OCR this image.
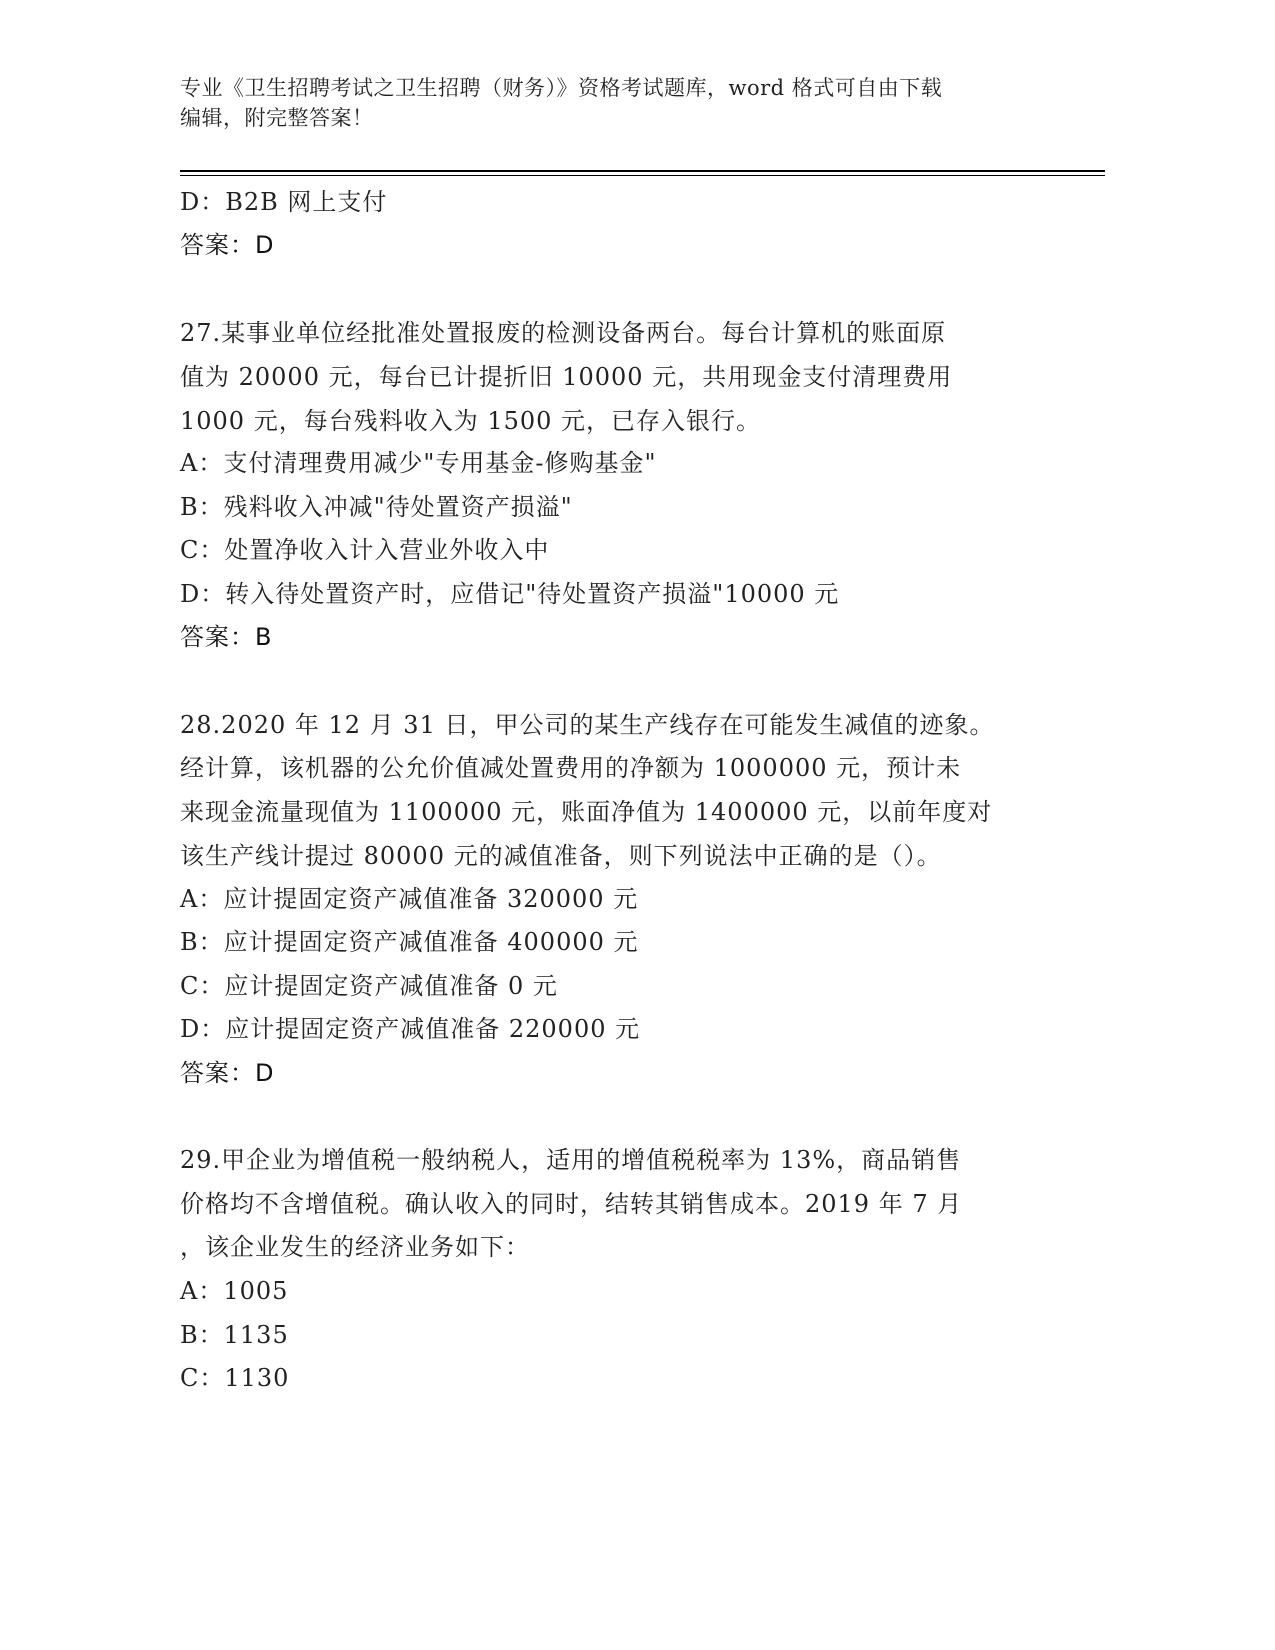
专业《卫生招聘考试之卫生招聘（财务）》资格考试题库，word 格式可自由下载
编辑，附完整答案！
D：B2B 网上支付
答案：D
27.某事业单位经批准处置报废的检测设备两台。每台计算机的账面原
值为 20000 元，每台已计提折旧 10000 元，共用现金支付清理费用
1000 元，每台残料收入为 1500 元，已存入银行。
A：支付清理费用减少"专用基金-修购基金"
B：残料收入冲减"待处置资产损溢"
C：处置净收入计入营业外收入中
D：转入待处置资产时，应借记"待处置资产损溢"10000 元
答案：B
28.2020 年 12 月 31 日，甲公司的某生产线存在可能发生减值的迹象。
经计算，该机器的公允价值减处置费用的净额为 1000000 元，预计未
来现金流量现值为 1100000 元，账面净值为 1400000 元，以前年度对
该生产线计提过 80000 元的减值准备，则下列说法中正确的是（）。
A：应计提固定资产减值准备 320000 元
B：应计提固定资产减值准备 400000 元
C：应计提固定资产减值准备 0 元
D：应计提固定资产减值准备 220000 元
答案：D
29.甲企业为增值税一般纳税人，适用的增值税税率为 13%，商品销售
价格均不含增值税。确认收入的同时，结转其销售成本。2019 年 7 月
，该企业发生的经济业务如下：
A：1005
B：1135
C：1130
